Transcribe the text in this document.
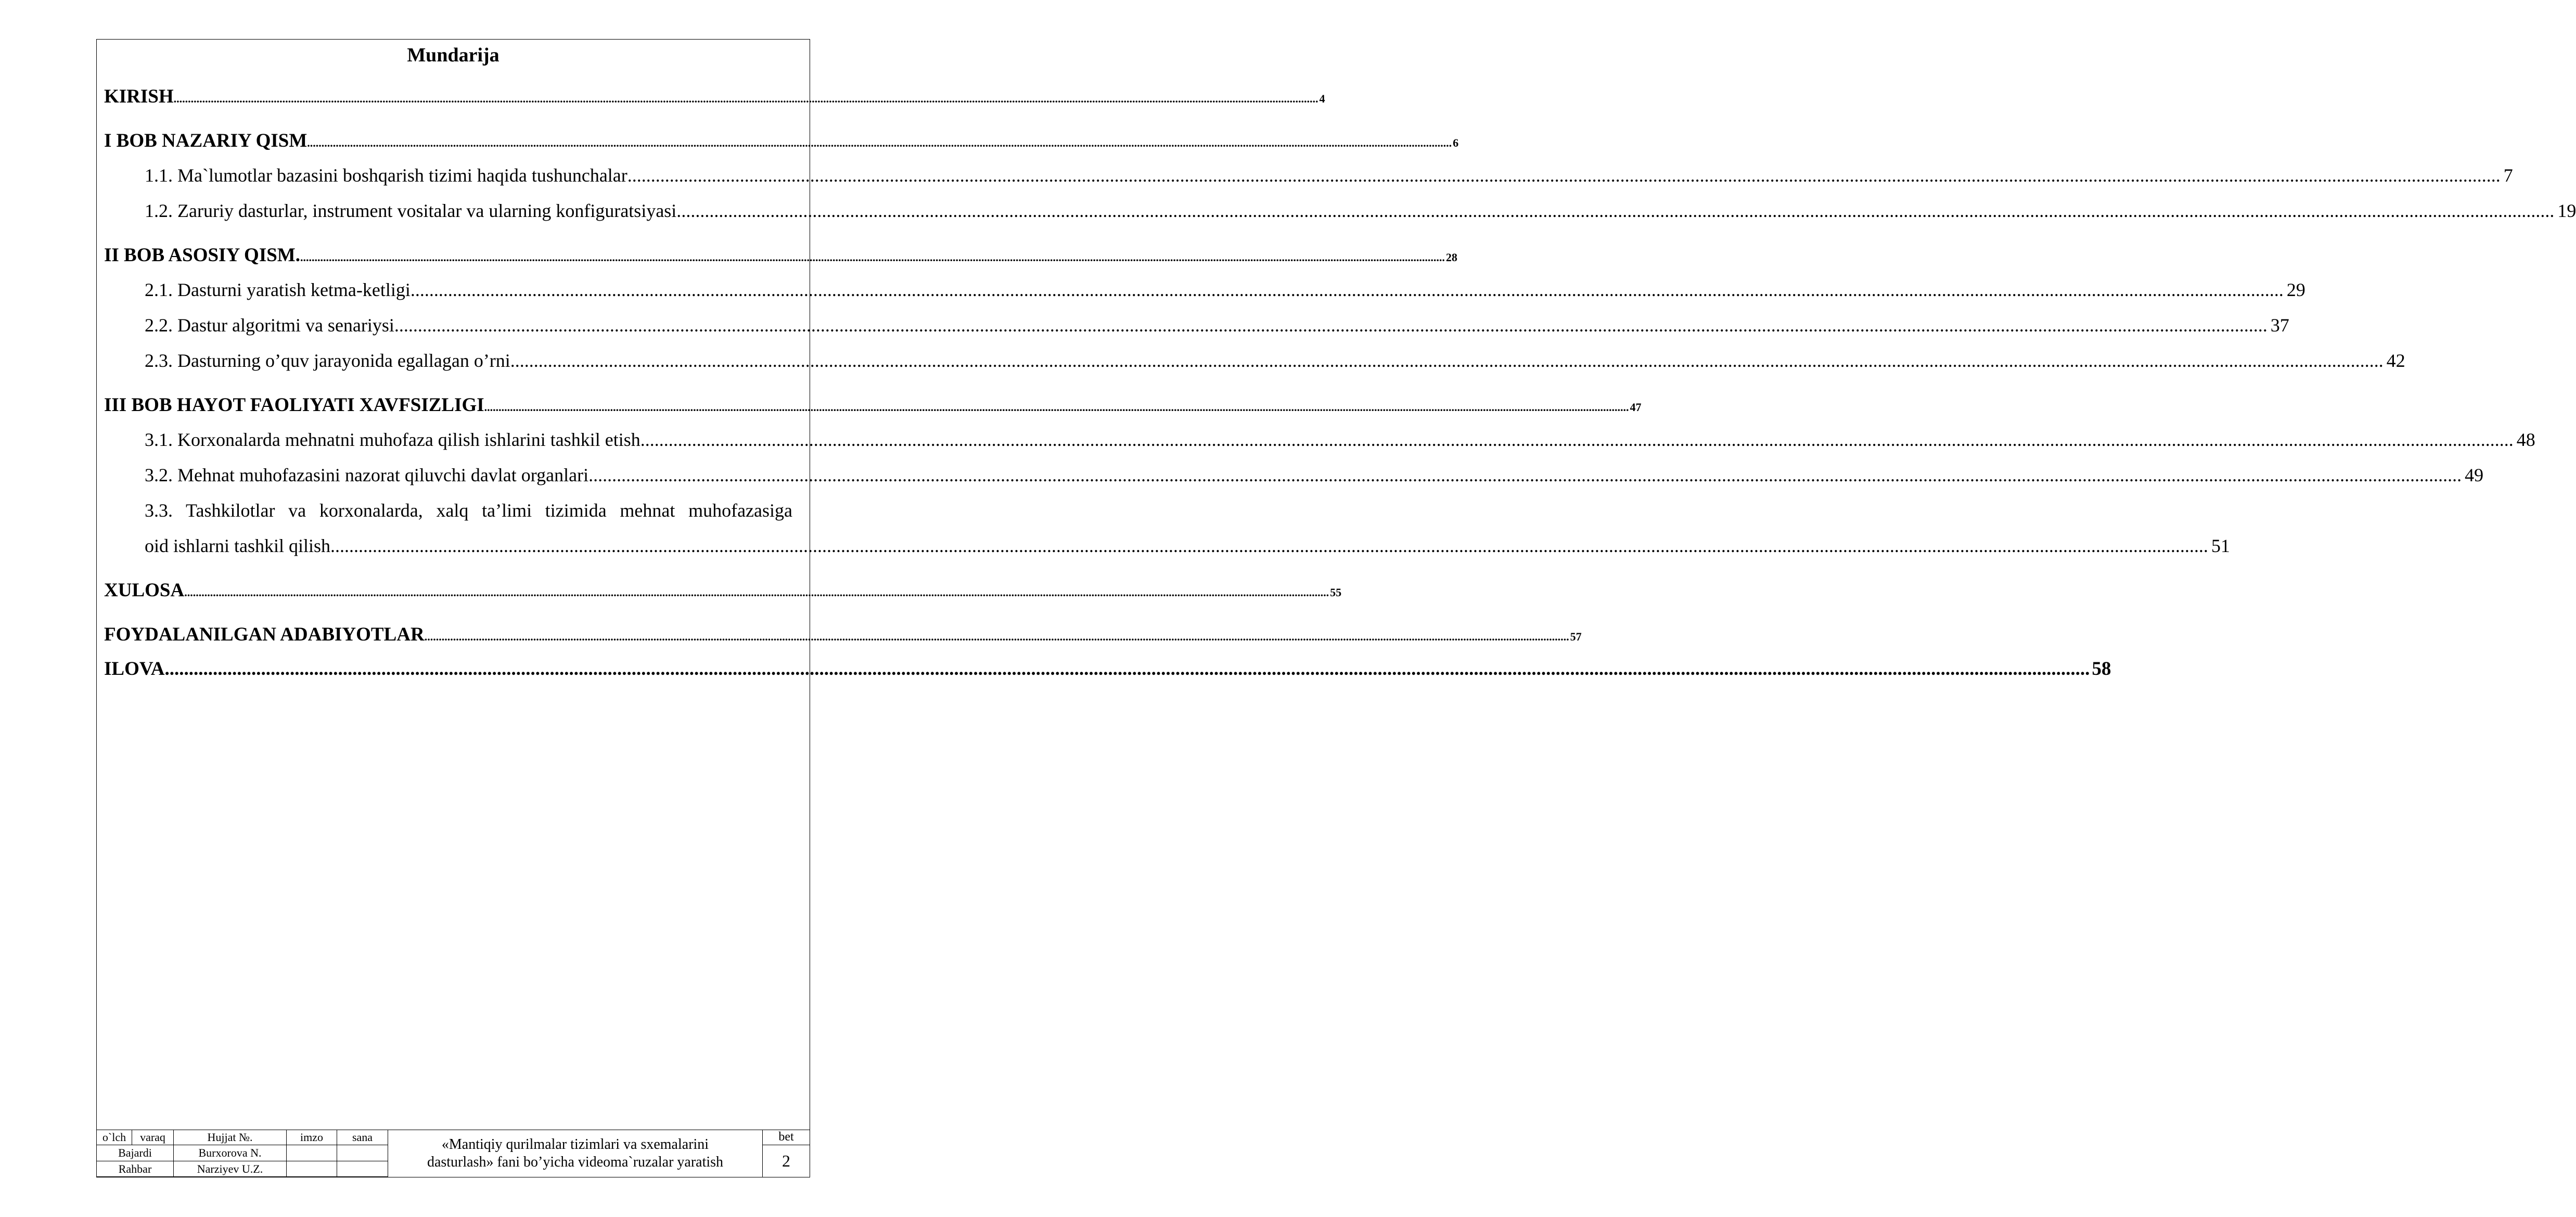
Mundarija
KIRISH ................................................................................................................................................................................................................................................................................................................................................................................................................ 4
I BOB NAZARIY QISM ................................................................................................................................................................................................................................................................................................................................................................................................................ 6
1.1. Ma`lumotlar bazasini boshqarish tizimi haqida tushunchalar ................................................................................................................................................................................................................................................................................................................................................................................................................ 7
1.2. Zaruriy dasturlar, instrument vositalar va ularning konfiguratsiyasi. ................................................................................................................................................................................................................................................................................................................................................................................................................ 19
II BOB ASOSIY QISM. ................................................................................................................................................................................................................................................................................................................................................................................................................ 28
2.1. Dasturni yaratish ketma-ketligi ................................................................................................................................................................................................................................................................................................................................................................................................................ 29
2.2. Dastur algoritmi va senariysi ................................................................................................................................................................................................................................................................................................................................................................................................................ 37
2.3. Dasturning o’quv jarayonida egallagan o’rni ................................................................................................................................................................................................................................................................................................................................................................................................................ 42
III BOB HAYOT FAOLIYATI XAVFSIZLIGI ................................................................................................................................................................................................................................................................................................................................................................................................................ 47
3.1. Korxonalarda mehnatni muhofaza qilish ishlarini tashkil etish ................................................................................................................................................................................................................................................................................................................................................................................................................ 48
3.2. Mehnat muhofazasini nazorat qiluvchi davlat organlari ................................................................................................................................................................................................................................................................................................................................................................................................................ 49
3.3. Tashkilotlar va korxonalarda, xalq ta’limi tizimida mehnat muhofazasiga
oid ishlarni tashkil qilish. ................................................................................................................................................................................................................................................................................................................................................................................................................ 51
XULOSA ................................................................................................................................................................................................................................................................................................................................................................................................................ 55
FOYDALANILGAN ADABIYOTLAR ................................................................................................................................................................................................................................................................................................................................................................................................................ 57
ILOVA ................................................................................................................................................................................................................................................................................................................................................................................................................ 58
o`lch	varaq	Hujjat №.	imzo	sana
Bajardi	Burxorova N.
Rahbar	Narziyev U.Z.
«Mantiqiy qurilmalar tizimlari va sxemalarini
dasturlash» fani bo’yicha videoma`ruzalar yaratish
bet
2
